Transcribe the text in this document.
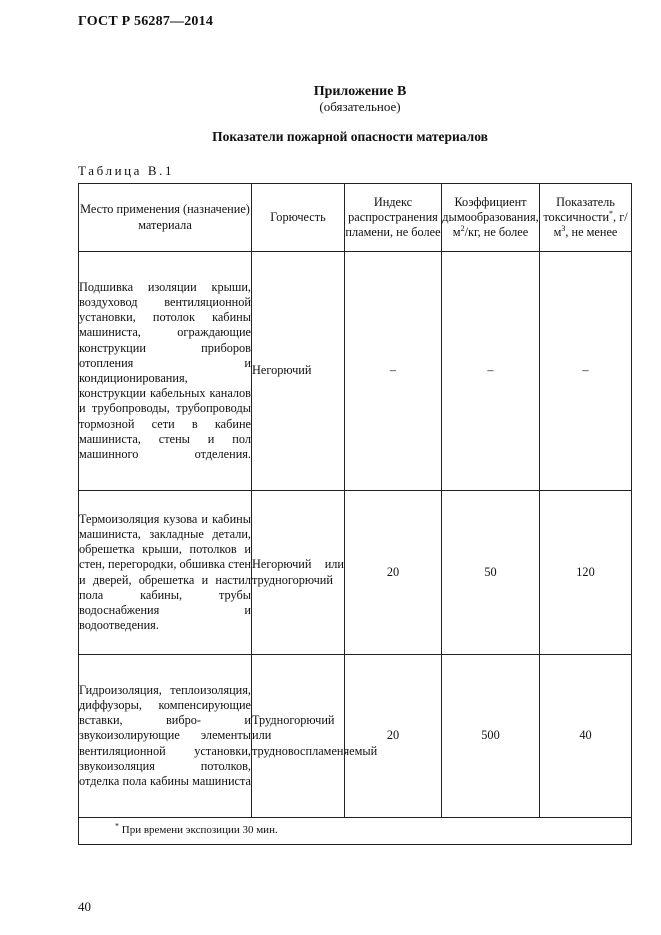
ГОСТ Р 56287—2014
Приложение В
(обязательное)
Показатели пожарной опасности материалов
Таблица В.1
Место применения (назначение) материала	Горючесть	Индекс распространения пламени, не более	Коэффициент дымообразования, $м^2/кг$, не более	Показатель токсичности*, $г/м^3$, не менее

Подшивка изоляции крыши, воздуховод вентиляционной установки, потолок кабины машиниста, ограждающие конструкции приборов отопления и кондиционирования, конструкции кабельных каналов и трубопроводы, трубопроводы тормозной сети в кабине машиниста, стены и пол машинного отделения.	Негорючий	–	–	–

Термоизоляция кузова и кабины машиниста, закладные детали, обрешетка крыши, потолков и стен, перегородки, обшивка стен и дверей, обрешетка и настил пола кабины, трубы водоснабжения и водоотведения.	Негорючий или трудногорючий	20	50	120

Гидроизоляция, теплоизоляция, диффузоры, компенсирующие вставки, вибро- и звукоизолирующие элементы вентиляционной установки, звукоизоляция потолков, отделка пола кабины машиниста	Трудногорючий или трудновоспламеняемый	20	500	40
* При времени экспозиции 30 мин.				
40
